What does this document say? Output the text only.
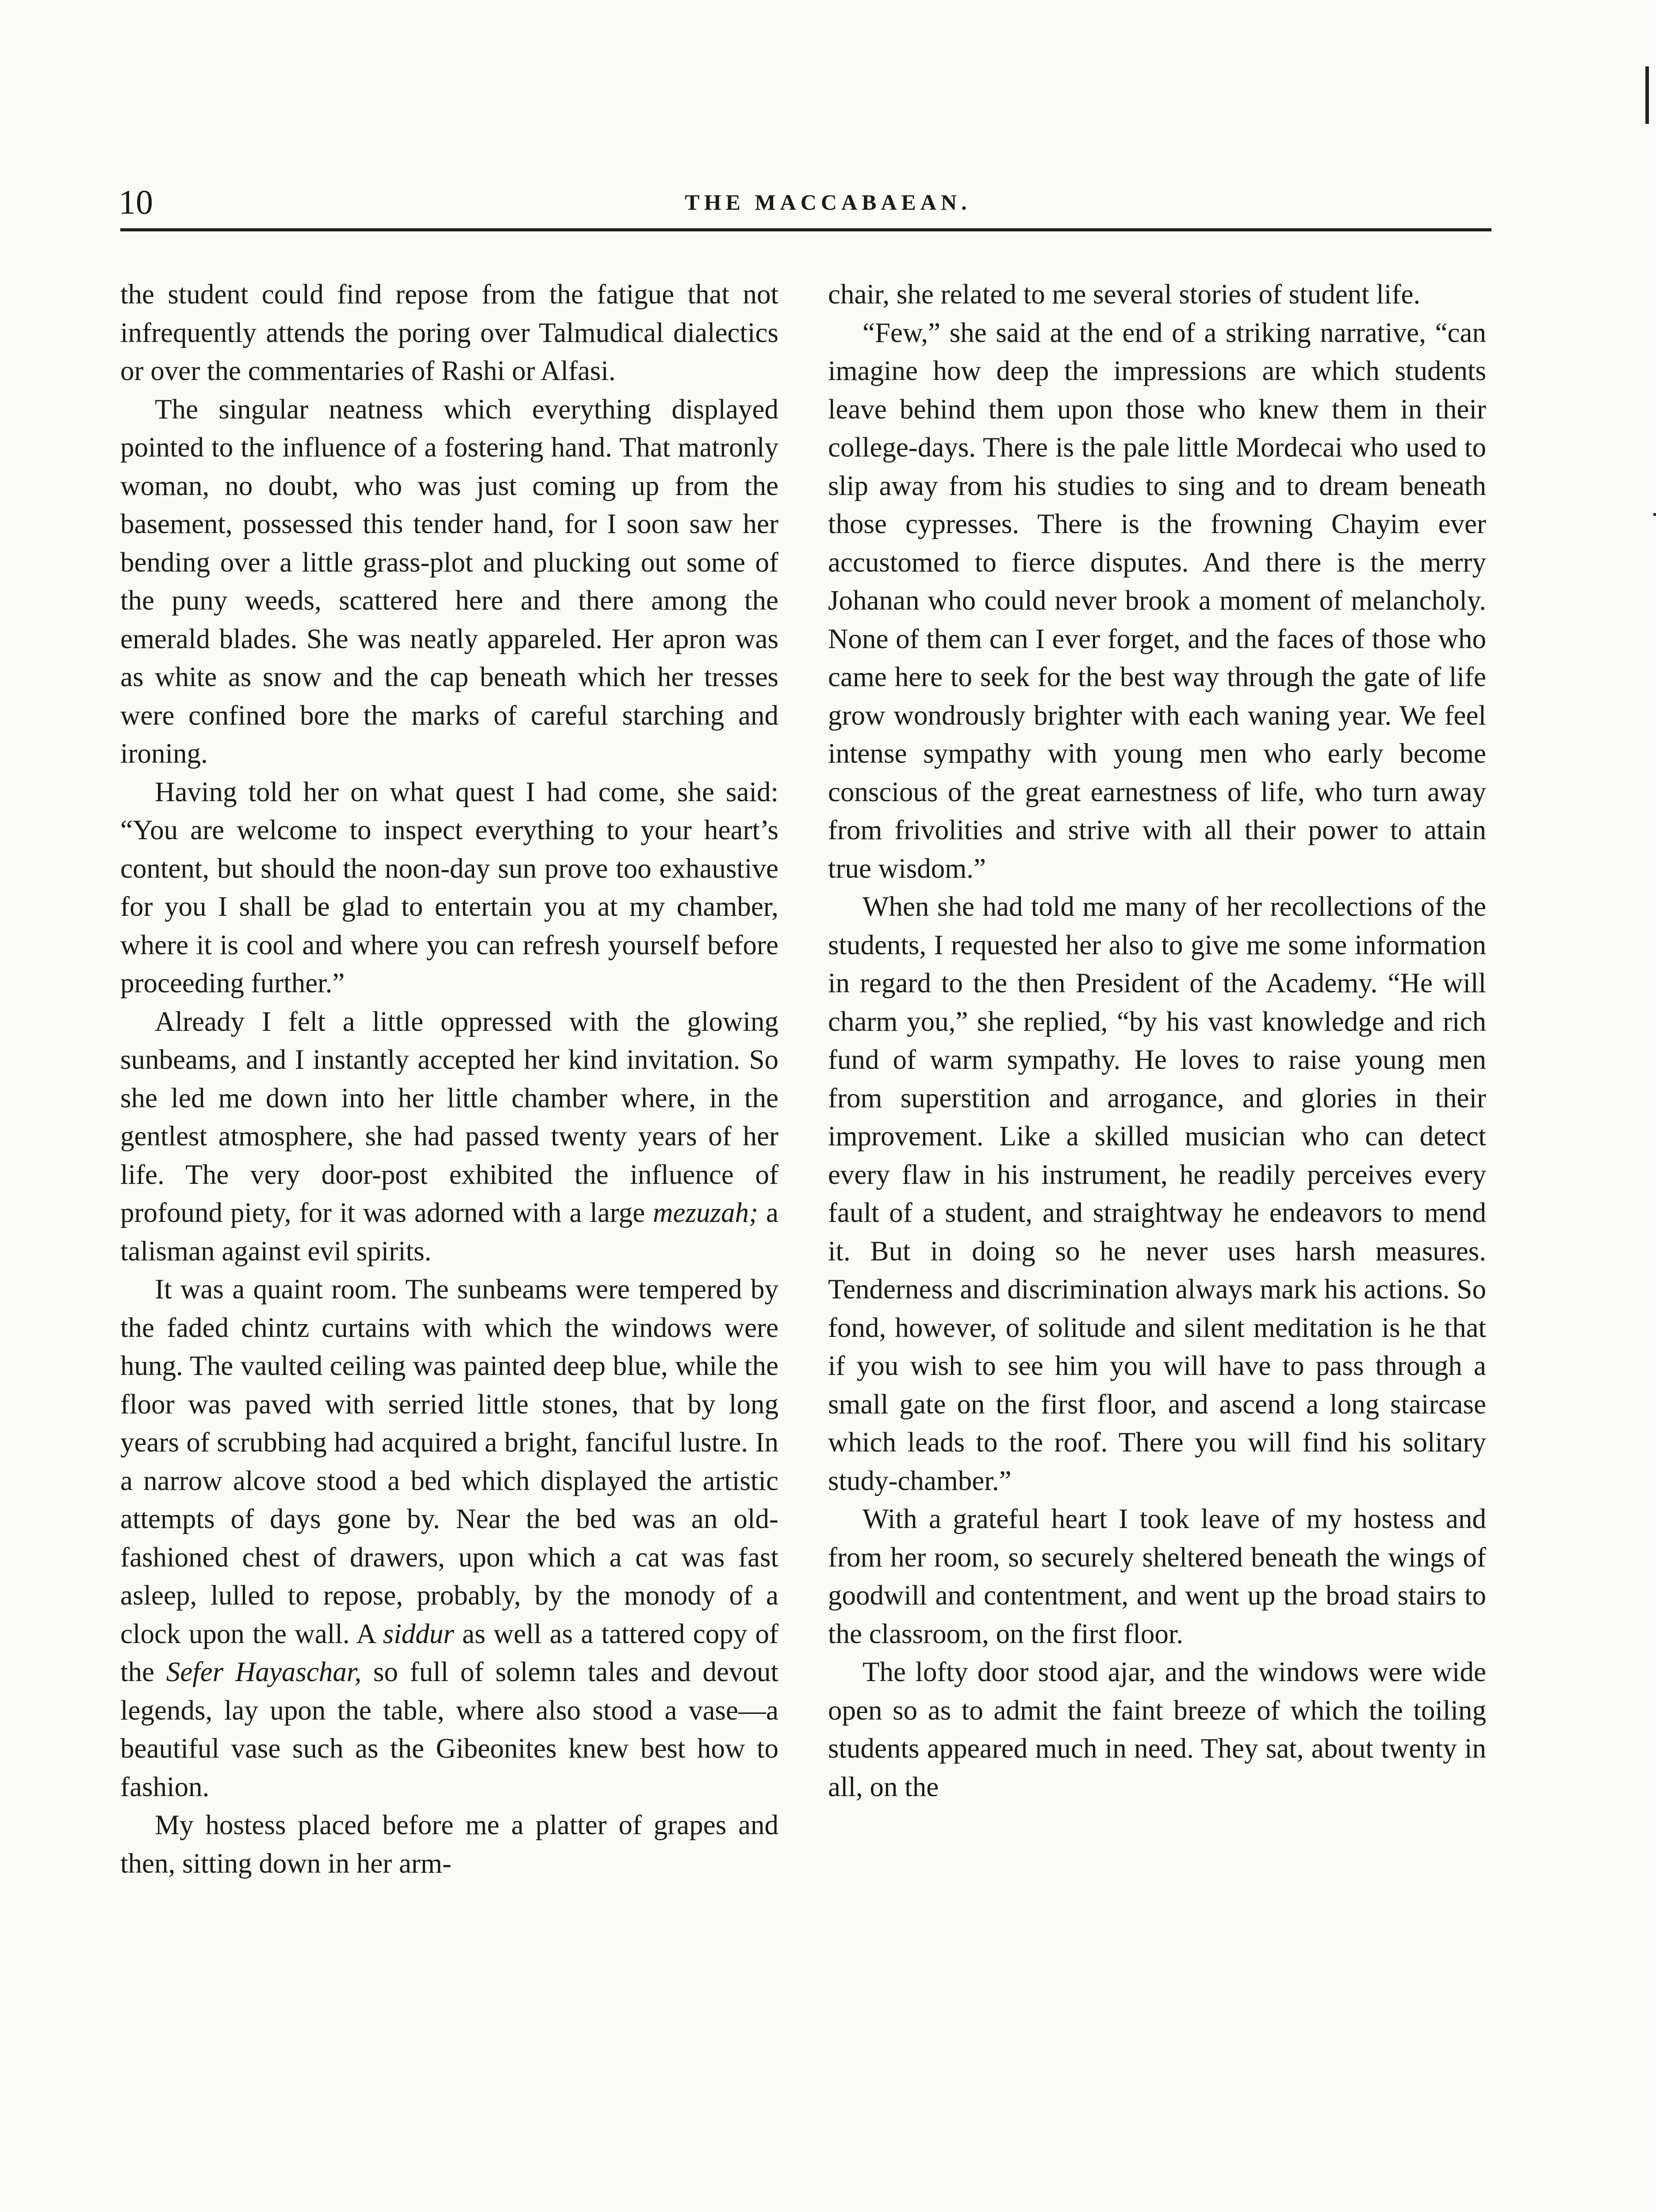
10	THE MACCABAEAN.

the student could find repose from the fatigue that not infrequently attends the poring over Talmudical dialectics or over the commentaries of Rashi or Alfasi.

The singular neatness which everything displayed pointed to the influence of a fostering hand. That matronly woman, no doubt, who was just coming up from the basement, possessed this tender hand, for I soon saw her bending over a little grass-plot and plucking out some of the puny weeds, scattered here and there among the emerald blades. She was neatly appareled. Her apron was as white as snow and the cap beneath which her tresses were confined bore the marks of careful starching and ironing.

Having told her on what quest I had come, she said: “You are welcome to inspect everything to your heart’s content, but should the noon-day sun prove too exhaustive for you I shall be glad to entertain you at my chamber, where it is cool and where you can refresh yourself before proceeding further.”

Already I felt a little oppressed with the glowing sunbeams, and I instantly accepted her kind invitation. So she led me down into her little chamber where, in the gentlest atmosphere, she had passed twenty years of her life. The very door-post exhibited the influence of profound piety, for it was adorned with a large mezuzah; a talisman against evil spirits.

It was a quaint room. The sunbeams were tempered by the faded chintz curtains with which the windows were hung. The vaulted ceiling was painted deep blue, while the floor was paved with serried little stones, that by long years of scrubbing had acquired a bright, fanciful lustre. In a narrow alcove stood a bed which displayed the artistic attempts of days gone by. Near the bed was an old-fashioned chest of drawers, upon which a cat was fast asleep, lulled to repose, probably, by the monody of a clock upon the wall. A siddur as well as a tattered copy of the Sefer Hayaschar, so full of solemn tales and devout legends, lay upon the table, where also stood a vase—a beautiful vase such as the Gibeonites knew best how to fashion.

My hostess placed before me a platter of grapes and then, sitting down in her arm-

chair, she related to me several stories of student life.

“Few,” she said at the end of a striking narrative, “can imagine how deep the impressions are which students leave behind them upon those who knew them in their college-days. There is the pale little Mordecai who used to slip away from his studies to sing and to dream beneath those cypresses. There is the frowning Chayim ever accustomed to fierce disputes. And there is the merry Johanan who could never brook a moment of melancholy. None of them can I ever forget, and the faces of those who came here to seek for the best way through the gate of life grow wondrously brighter with each waning year. We feel intense sympathy with young men who early become conscious of the great earnestness of life, who turn away from frivolities and strive with all their power to attain true wisdom.”

When she had told me many of her recollections of the students, I requested her also to give me some information in regard to the then President of the Academy. “He will charm you,” she replied, “by his vast knowledge and rich fund of warm sympathy. He loves to raise young men from superstition and arrogance, and glories in their improvement. Like a skilled musician who can detect every flaw in his instrument, he readily perceives every fault of a student, and straightway he endeavors to mend it. But in doing so he never uses harsh measures. Tenderness and discrimination always mark his actions. So fond, however, of solitude and silent meditation is he that if you wish to see him you will have to pass through a small gate on the first floor, and ascend a long staircase which leads to the roof. There you will find his solitary study-chamber.”

With a grateful heart I took leave of my hostess and from her room, so securely sheltered beneath the wings of goodwill and contentment, and went up the broad stairs to the classroom, on the first floor.

The lofty door stood ajar, and the windows were wide open so as to admit the faint breeze of which the toiling students appeared much in need. They sat, about twenty in all, on the
